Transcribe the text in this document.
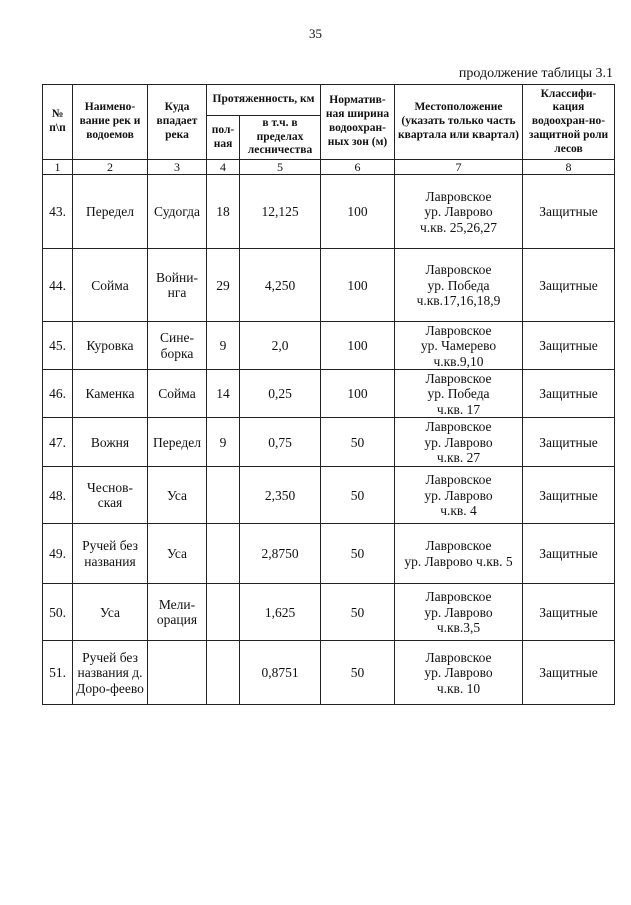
35
продолжение таблицы 3.1
№ п\п	Наимено-вание рек и водоемов	Куда впадает река	Протяженность, км		Норматив-ная ширина водоохран-ных зон (м)	Местоположение (указать только часть квартала или квартал)	Классифи-кация водоохран-но-защитной роли лесов
			пол-ная	в т.ч. в пределах лесничества			
1	2	3	4	5	6	7	8
43.	Передел	Судогда	18	12,125	100	Лавровское
ур. Лаврово
ч.кв. 25,26,27	Защитные
44.	Сойма	Войни-нга	29	4,250	100	Лавровское
ур. Победа
ч.кв.17,16,18,9	Защитные
45.	Куровка	Сине-борка	9	2,0	100	Лавровское
ур. Чамерево
ч.кв.9,10	Защитные
46.	Каменка	Сойма	14	0,25	100	Лавровское
ур. Победа
ч.кв. 17	Защитные
47.	Вожня	Передел	9	0,75	50	Лавровское
ур. Лаврово
ч.кв. 27	Защитные
48.	Чеснов-ская	Уса		2,350	50	Лавровское
ур. Лаврово
ч.кв. 4	Защитные
49.	Ручей без названия	Уса		2,8750	50	Лавровское
ур. Лаврово ч.кв. 5	Защитные
50.	Уса	Мели-орация		1,625	50	Лавровское
ур. Лаврово
ч.кв.3,5	Защитные
51.	Ручей без названия д. Доро-феево			0,8751	50	Лавровское
ур. Лаврово
ч.кв. 10	Защитные
